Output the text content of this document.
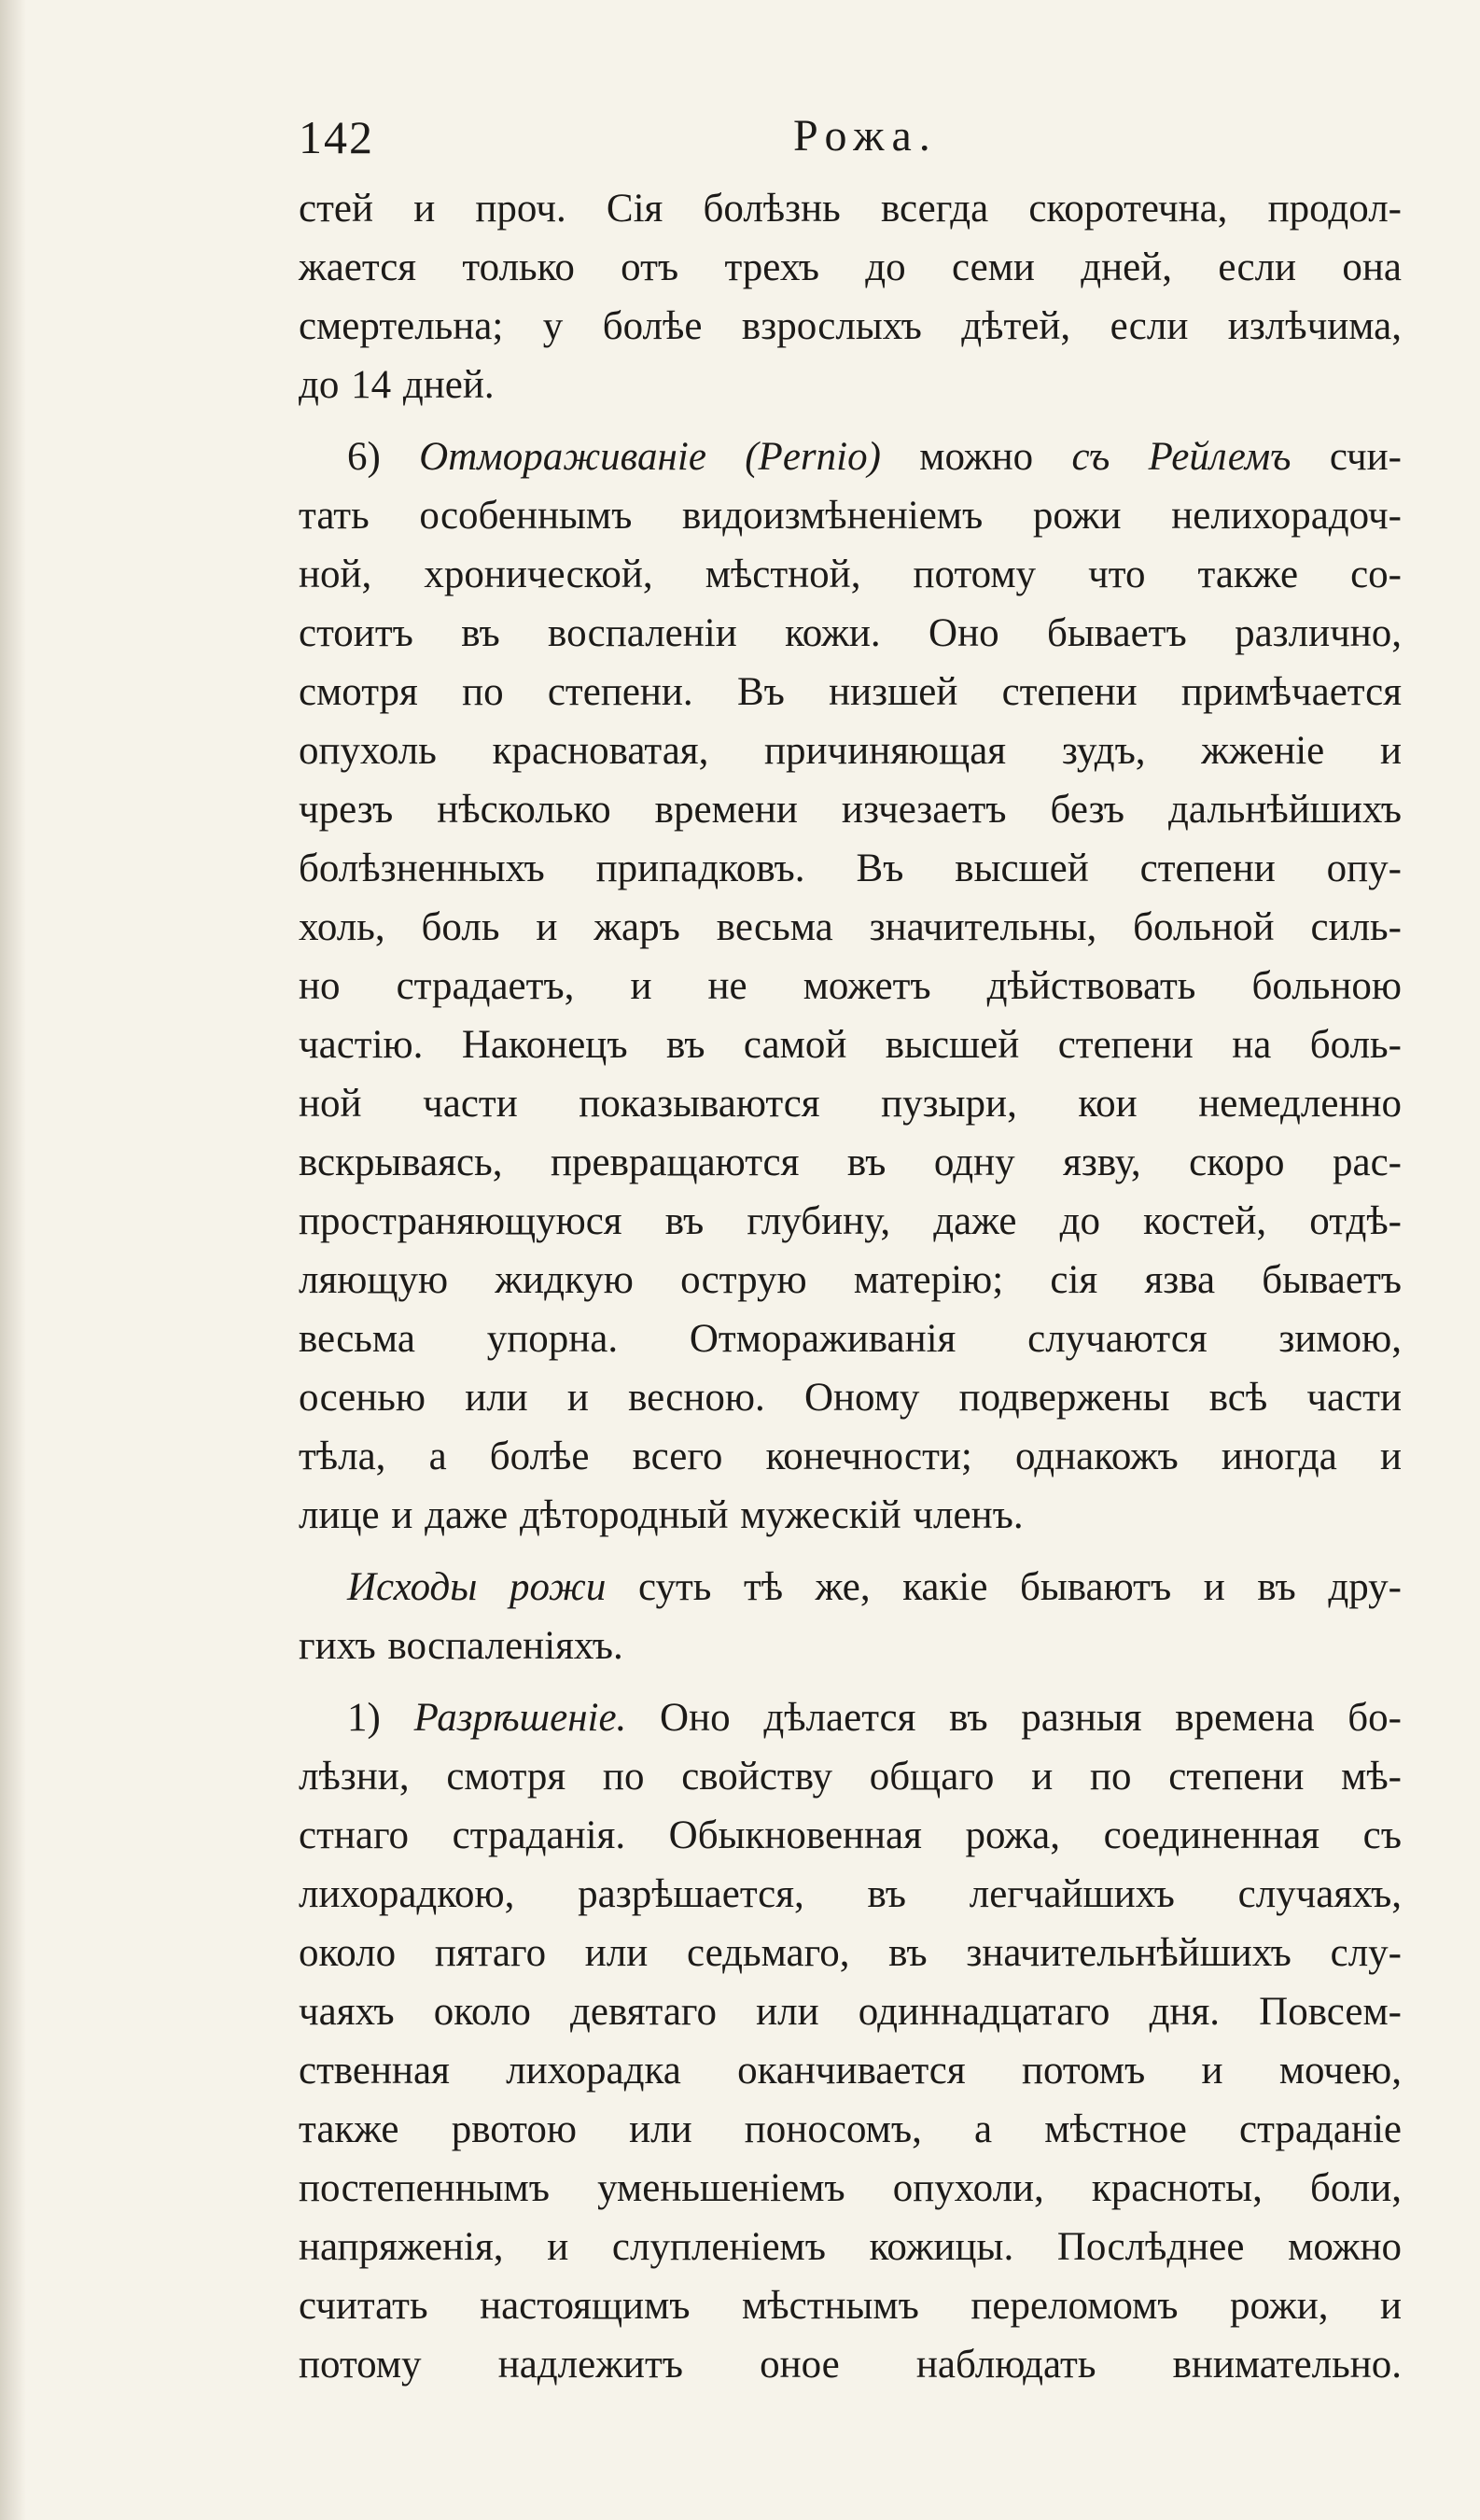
142	Рожа.

стей и проч. Сія болѣзнь всегда скоротечна, продол-
жается только отъ трехъ до семи дней, если она
смертельна; у болѣе взрослыхъ дѣтей, если излѣчима,
до 14 дней.

6) Отмораживаніе (Pernio) можно съ Рейлемъ счи-
тать особеннымъ видоизмѣненіемъ рожи нелихорадоч-
ной, хронической, мѣстной, потому что также со-
стоитъ въ воспаленіи кожи. Оно бываетъ различно,
смотря по степени. Въ низшей степени примѣчается
опухоль красноватая, причиняющая зудъ, жженіе и
чрезъ нѣсколько времени изчезаетъ безъ дальнѣйшихъ
болѣзненныхъ припадковъ. Въ высшей степени опу-
холь, боль и жаръ весьма значительны, больной силь-
но страдаетъ, и не можетъ дѣйствовать больною
частію. Наконецъ въ самой высшей степени на боль-
ной части показываются пузыри, кои немедленно
вскрываясь, превращаются въ одну язву, скоро рас-
пространяющуюся въ глубину, даже до костей, отдѣ-
ляющую жидкую острую матерію; сія язва бываетъ
весьма упорна. Отмораживанія случаются зимою,
осенью или и весною. Оному подвержены всѣ части
тѣла, а болѣе всего конечности; однакожъ иногда и
лице и даже дѣтородный мужескій членъ.

Исходы рожи суть тѣ же, какіе бываютъ и въ дру-
гихъ воспаленіяхъ.

1) Разрѣшеніе. Оно дѣлается въ разныя времена бо-
лѣзни, смотря по свойству общаго и по степени мѣ-
стнаго страданія. Обыкновенная рожа, соединенная съ
лихорадкою, разрѣшается, въ легчайшихъ случаяхъ,
около пятаго или седьмаго, въ значительнѣйшихъ слу-
чаяхъ около девятаго или одиннадцатаго дня. Повсем-
ственная лихорадка оканчивается потомъ и мочею,
также рвотою или поносомъ, а мѣстное страданіе
постепеннымъ уменьшеніемъ опухоли, красноты, боли,
напряженія, и слупленіемъ кожицы. Послѣднее можно
считать настоящимъ мѣстнымъ переломомъ рожи, и
потому надлежитъ оное наблюдать внимательно.
